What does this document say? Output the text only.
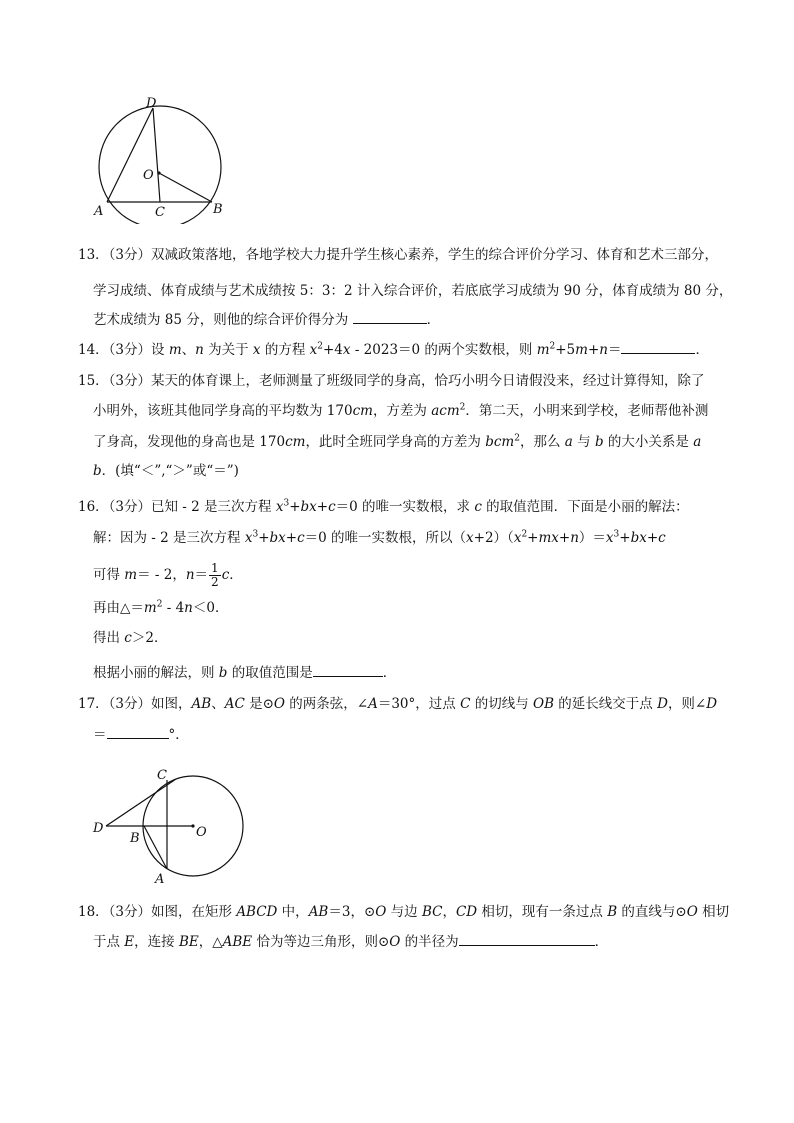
D
O
A	C	B
13．（3分）双减政策落地，各地学校大力提升学生核心素养，学生的综合评价分学习、体育和艺术三部分，
学习成绩、体育成绩与艺术成绩按 5：3：2 计入综合评价，若底底学习成绩为 90 分，体育成绩为 80 分，
艺术成绩为 85 分，则他的综合评价得分为	．
14．（3分）设 m、n 为关于 x 的方程 $x^2+4x - 2023=0$ 的两个实数根，则 $m^2+5m+n=$	．
15．（3分）某天的体育课上，老师测量了班级同学的身高，恰巧小明今日请假没来，经过计算得知，除了
小明外，该班其他同学身高的平均数为 170cm，方差为 acm$^2$．第二天，小明来到学校，老师帮他补测
了身高，发现他的身高也是 170cm，此时全班同学身高的方差为 bcm$^2$，那么 a 与 b 的大小关系是 a
b．(填“＜”,“＞”或“＝”)
16．（3分）已知 - 2 是三次方程 $x^3+bx+c=0$ 的唯一实数根，求 c 的取值范围．下面是小丽的解法：
解：因为 - 2 是三次方程 $x^3+bx+c=0$ 的唯一实数根，所以$(x+2)(x^2+mx+n)=x^3+bx+c$
可得 m＝ - 2，$n= \frac{1}{2}$ c．
再由$\triangle=m^2 - 4n<0$．
得出 c＞2．
根据小丽的解法，则 b 的取值范围是	．
17．（3分）如图，AB、AC 是⊙O 的两条弦，∠A＝30°，过点 C 的切线与 OB 的延长线交于点 D，则∠D
＝	°．
C
D
B	O
A
18．（3分）如图，在矩形 ABCD 中，AB＝3，⊙O 与边 BC，CD 相切，现有一条过点 B 的直线与⊙O 相切
于点 E，连接 BE，△ABE 恰为等边三角形，则⊙O 的半径为	．
